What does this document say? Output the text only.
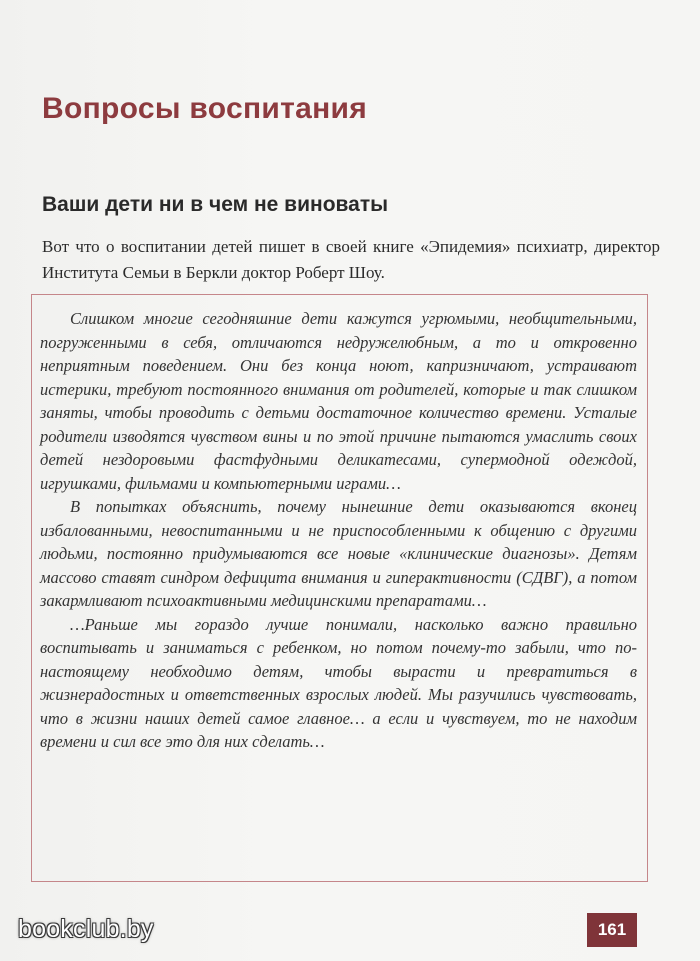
Вопросы воспитания
Ваши дети ни в чем не виноваты

Вот что о воспитании детей пишет в своей книге «Эпидемия» психиатр, директор Института Семьи в Беркли доктор Роберт Шоу.

Слишком многие сегодняшние дети кажутся угрюмыми, необщительными, погруженными в себя, отличаются недружелюбным, а то и откровенно неприятным поведением. Они без конца ноют, капризничают, устраивают истерики, требуют постоянного внимания от родителей, которые и так слишком заняты, чтобы проводить с детьми достаточное количество времени. Усталые родители изводятся чувством вины и по этой причине пытаются умаслить своих детей нездоровыми фастфудными деликатесами, супермодной одеждой, игрушками, фильмами и компьютерными играми…

В попытках объяснить, почему нынешние дети оказываются вконец избалованными, невоспитанными и не приспособленными к общению с другими людьми, постоянно придумываются все новые «клинические диагнозы». Детям массово ставят синдром дефицита внимания и гиперактивности (СДВГ), а потом закармливают психоактивными медицинскими препаратами…

…Раньше мы гораздо лучше понимали, насколько важно правильно воспитывать и заниматься с ребенком, но потом почему-то забыли, что по-настоящему необходимо детям, чтобы вырасти и превратиться в жизнерадостных и ответственных взрослых людей. Мы разучились чувствовать, что в жизни наших детей самое главное… а если и чувствуем, то не находим времени и сил все это для них сделать…

bookclub.by	161
